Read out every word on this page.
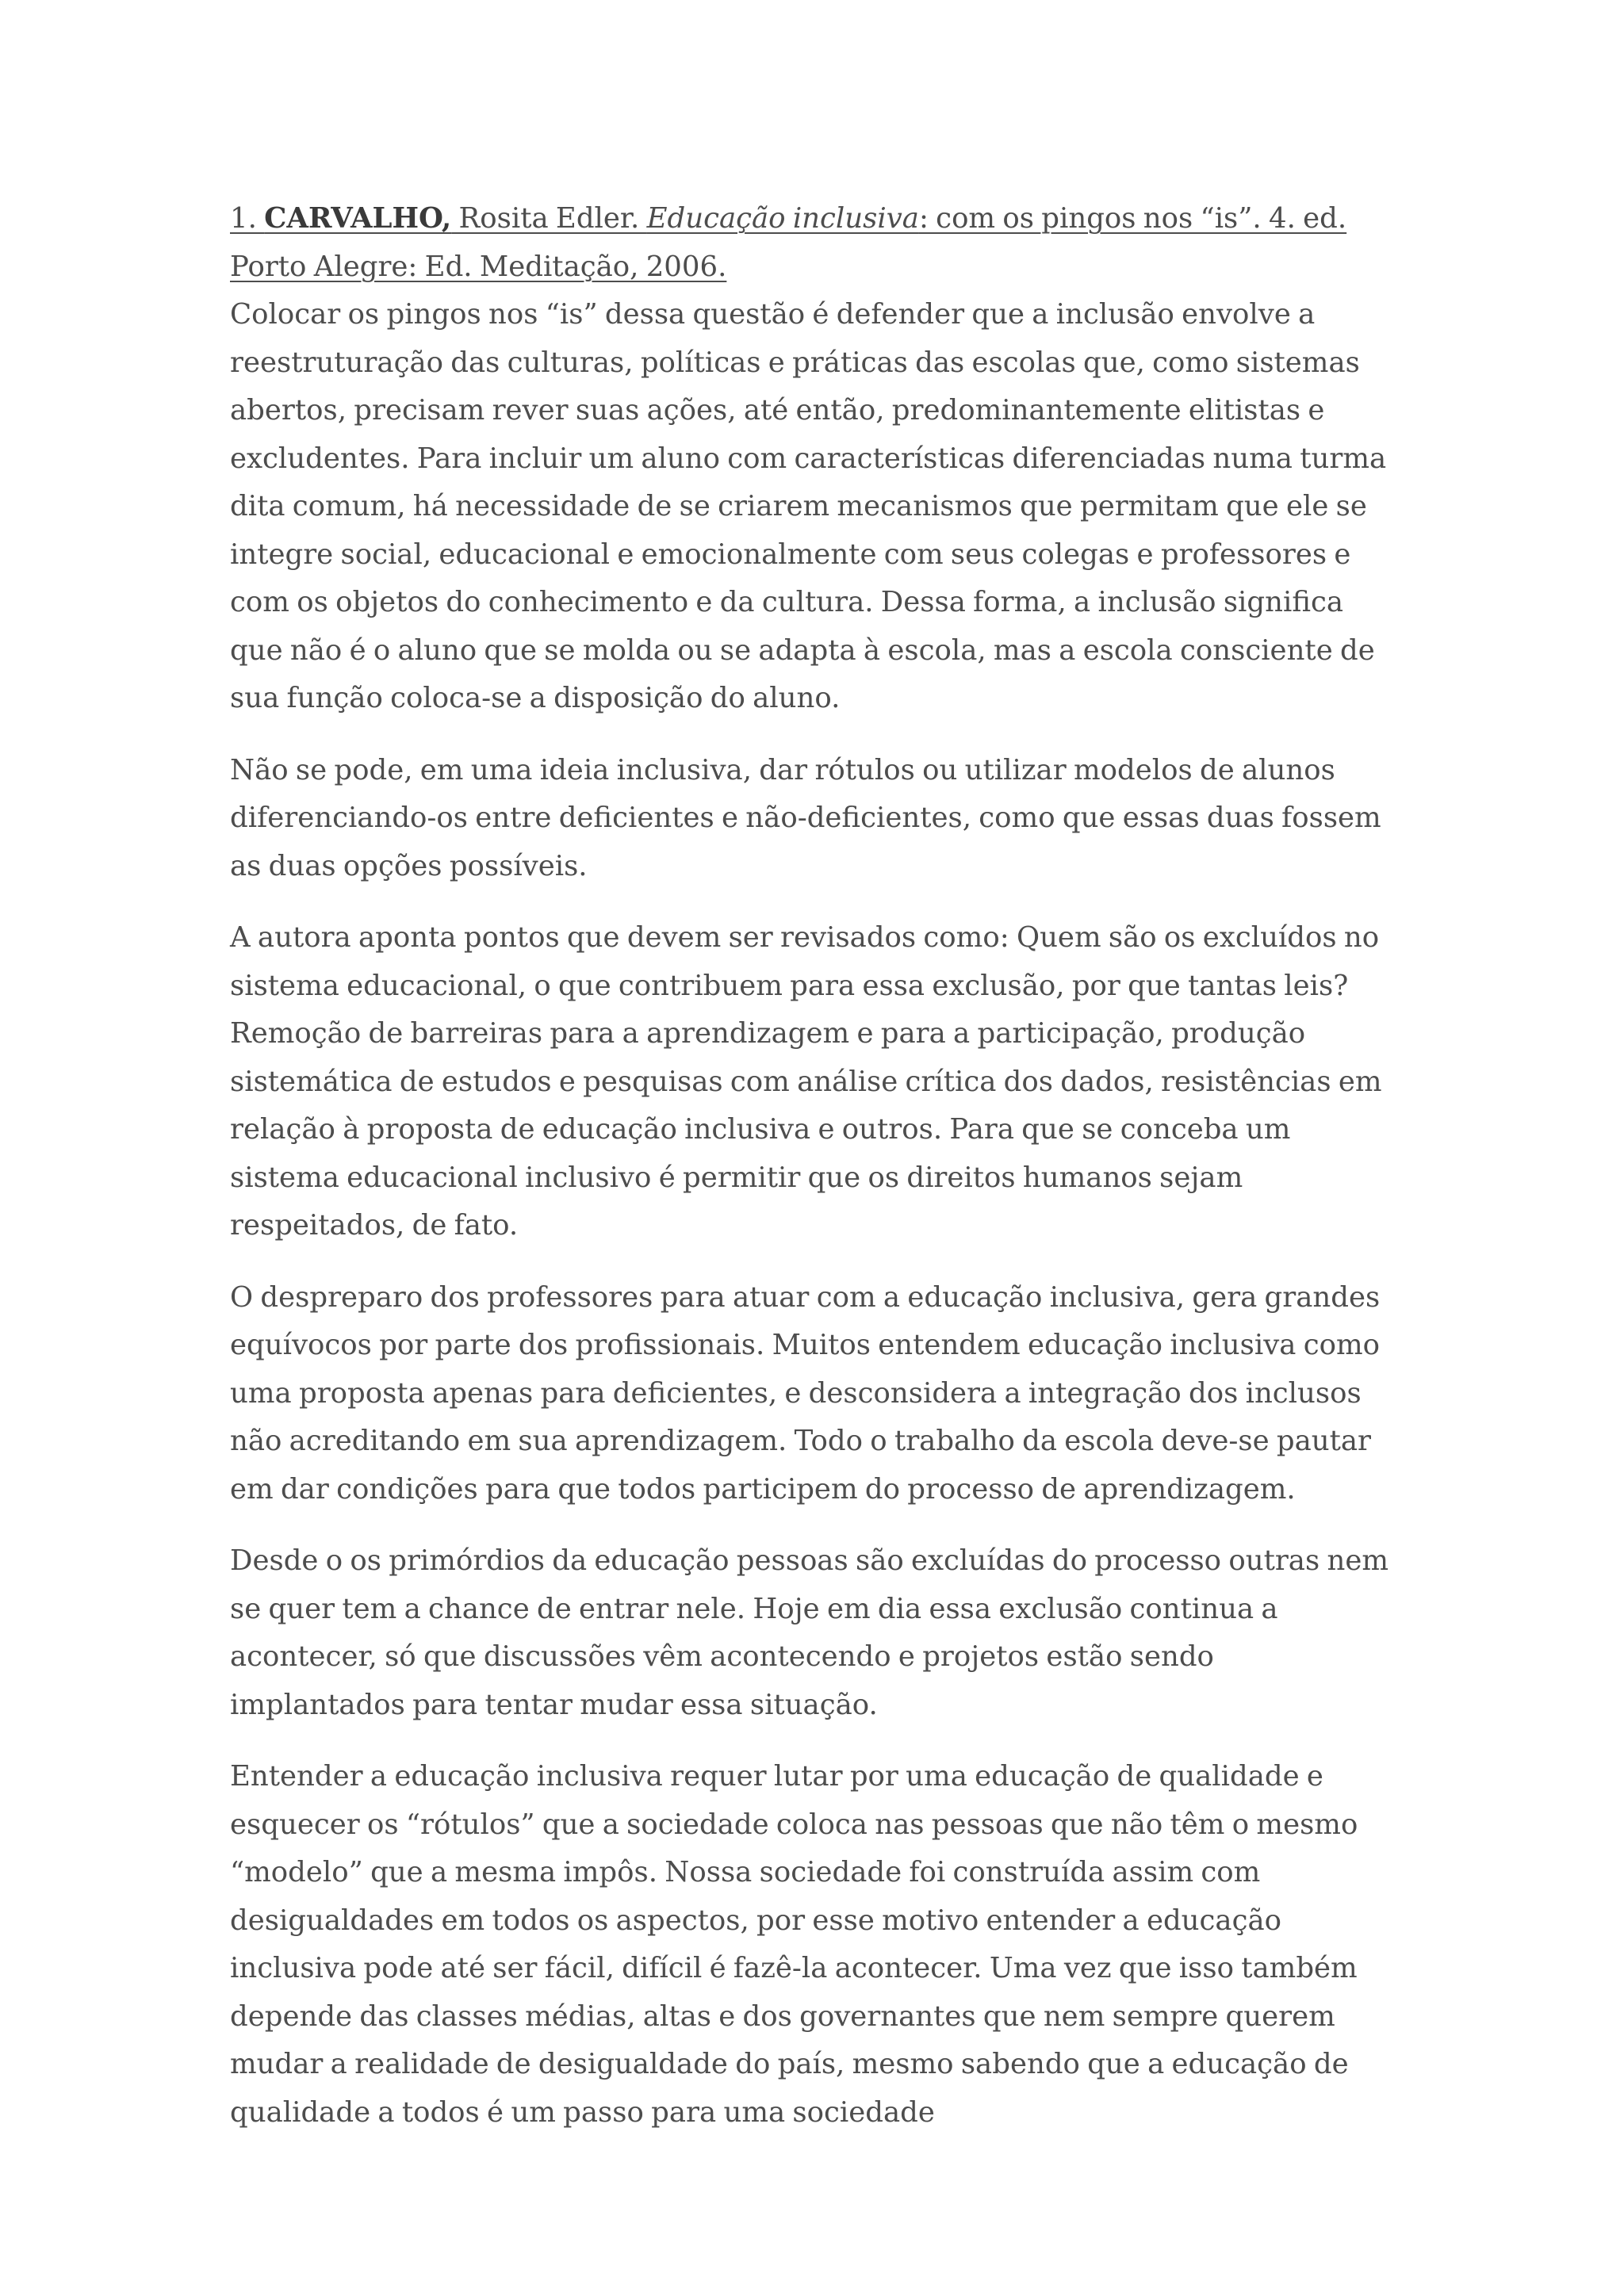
1. CARVALHO, Rosita Edler. Educação inclusiva: com os pingos nos “is”. 4. ed. Porto Alegre: Ed. Meditação, 2006.

Colocar os pingos nos “is” dessa questão é defender que a inclusão envolve a reestruturação das culturas, políticas e práticas das escolas que, como sistemas abertos, precisam rever suas ações, até então, predominantemente elitistas e excludentes. Para incluir um aluno com características diferenciadas numa turma dita comum, há necessidade de se criarem mecanismos que permitam que ele se integre social, educacional e emocionalmente com seus colegas e professores e com os objetos do conhecimento e da cultura. Dessa forma, a inclusão significa que não é o aluno que se molda ou se adapta à escola, mas a escola consciente de sua função coloca-se a disposição do aluno.

Não se pode, em uma ideia inclusiva, dar rótulos ou utilizar modelos de alunos diferenciando-os entre deficientes e não-deficientes, como que essas duas fossem as duas opções possíveis.

A autora aponta pontos que devem ser revisados como: Quem são os excluídos no sistema educacional, o que contribuem para essa exclusão, por que tantas leis? Remoção de barreiras para a aprendizagem e para a participação, produção sistemática de estudos e pesquisas com análise crítica dos dados, resistências em relação à proposta de educação inclusiva e outros. Para que se conceba um sistema educacional inclusivo é permitir que os direitos humanos sejam respeitados, de fato.

O despreparo dos professores para atuar com a educação inclusiva, gera grandes equívocos por parte dos profissionais. Muitos entendem educação inclusiva como uma proposta apenas para deficientes, e desconsidera a integração dos inclusos não acreditando em sua aprendizagem. Todo o trabalho da escola deve-se pautar em dar condições para que todos participem do processo de aprendizagem.

Desde o os primórdios da educação pessoas são excluídas do processo outras nem se quer tem a chance de entrar nele. Hoje em dia essa exclusão continua a acontecer, só que discussões vêm acontecendo e projetos estão sendo implantados para tentar mudar essa situação.

Entender a educação inclusiva requer lutar por uma educação de qualidade e esquecer os “rótulos” que a sociedade coloca nas pessoas que não têm o mesmo “modelo” que a mesma impôs. Nossa sociedade foi construída assim com desigualdades em todos os aspectos, por esse motivo entender a educação inclusiva pode até ser fácil, difícil é fazê-la acontecer. Uma vez que isso também depende das classes médias, altas e dos governantes que nem sempre querem mudar a realidade de desigualdade do país, mesmo sabendo que a educação de qualidade a todos é um passo para uma sociedade
